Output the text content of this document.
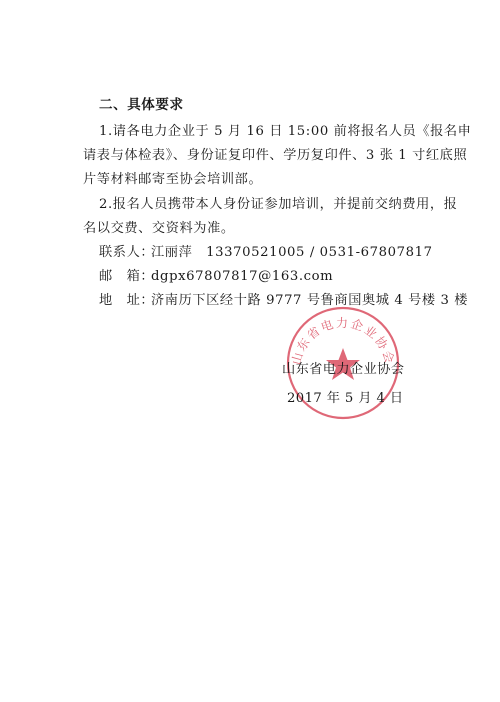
二、具体要求
1.请各电力企业于 5 月 16 日 15:00 前将报名人员《报名申
请表与体检表》、身份证复印件、学历复印件、3 张 1 寸红底照
片等材料邮寄至协会培训部。
2.报名人员携带本人身份证参加培训，并提前交纳费用，报
名以交费、交资料为准。
联系人：江丽萍　13370521005 / 0531-67807817
邮　箱：dgpx67807817@163.com
地　址：济南历下区经十路 9777 号鲁商国奥城 4 号楼 3 楼
山东省电力企业协会
山东省电力企业协会
2017 年 5 月 4 日
